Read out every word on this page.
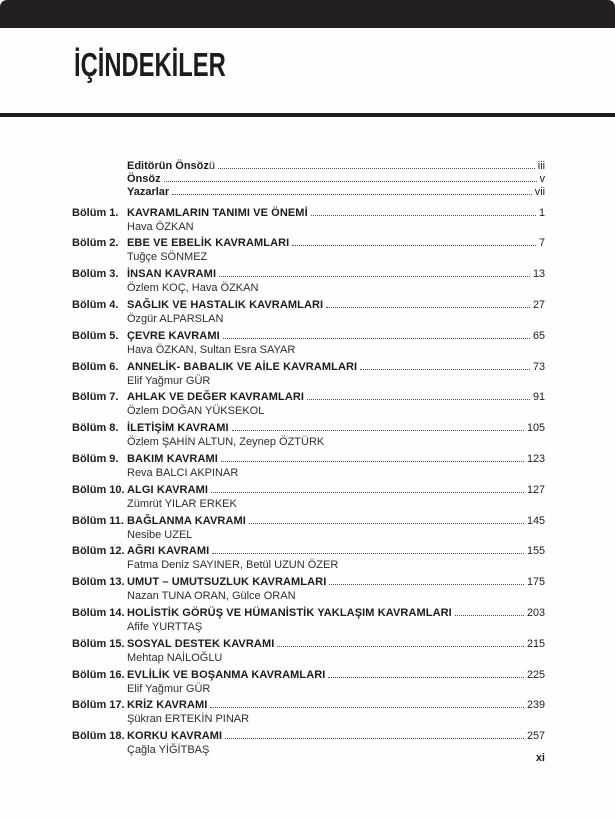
İÇİNDEKİLER
Editörün Önsözü	iii
Önsöz	v
Yazarlar	vii
Bölüm 1. KAVRAMLARIN TANIMI VE ÖNEMİ	1
Hava ÖZKAN
Bölüm 2. EBE VE EBELİK KAVRAMLARI	7
Tuğçe SÖNMEZ
Bölüm 3. İNSAN KAVRAMI	13
Özlem KOÇ, Hava ÖZKAN
Bölüm 4. SAĞLIK VE HASTALIK KAVRAMLARI	27
Özgür ALPARSLAN
Bölüm 5. ÇEVRE KAVRAMI	65
Hava ÖZKAN, Sultan Esra SAYAR
Bölüm 6. ANNELİK- BABALIK VE AİLE KAVRAMLARI	73
Elif Yağmur GÜR
Bölüm 7. AHLAK VE DEĞER KAVRAMLARI	91
Özlem DOĞAN YÜKSEKOL
Bölüm 8. İLETİŞİM KAVRAMI	105
Özlem ŞAHİN ALTUN, Zeynep ÖZTÜRK
Bölüm 9. BAKIM KAVRAMI	123
Reva BALCI AKPINAR
Bölüm 10. ALGI KAVRAMI	127
Zümrüt YILAR ERKEK
Bölüm 11. BAĞLANMA KAVRAMI	145
Nesibe UZEL
Bölüm 12. AĞRI KAVRAMI	155
Fatma Deniz SAYINER, Betül UZUN ÖZER
Bölüm 13. UMUT – UMUTSUZLUK KAVRAMLARI	175
Nazan TUNA ORAN, Gülce ORAN
Bölüm 14. HOLİSTİK GÖRÜŞ VE HÜMANİSTİK YAKLAŞIM KAVRAMLARI	203
Afife YURTTAŞ
Bölüm 15. SOSYAL DESTEK KAVRAMI	215
Mehtap NAİLOĞLU
Bölüm 16. EVLİLİK VE BOŞANMA KAVRAMLARI	225
Elif Yağmur GÜR
Bölüm 17. KRİZ KAVRAMI	239
Şükran ERTEKİN PINAR
Bölüm 18. KORKU KAVRAMI	257
Çağla YİĞİTBAŞ
xi
